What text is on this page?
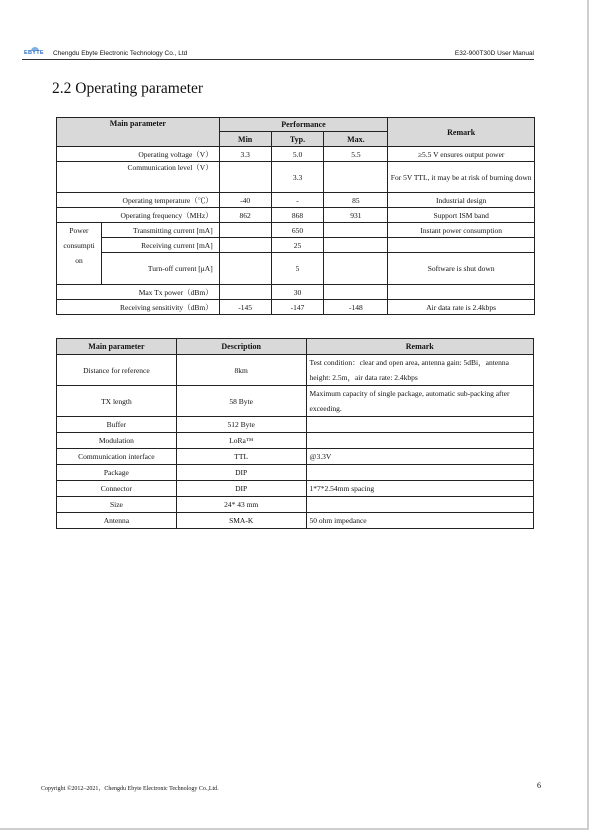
EBYTE Chengdu Ebyte Electronic Technology Co., Ltd	E32-900T30D User Manual
2.2 Operating parameter
Main parameter		Performance			Remark
		Min	Typ.	Max.	
Operating voltage（V）		3.3	5.0	5.5	≥5.5 V ensures output power
Communication level（V）			3.3		For 5V TTL, it may be at risk of burning down
Operating temperature（℃）		-40	-	85	Industrial design
Operating frequency（MHz）		862	868	931	Support ISM band
Power consumpti on	Transmitting current [mA]		650		Instant power consumption
	Receiving current [mA]		25		
	Turn-off current [μA]		5		Software is shut down
Max Tx power（dBm）			30		
Receiving sensitivity（dBm）		-145	-147	-148	Air data rate is 2.4kbps
Main parameter	Description	Remark
Distance for reference	8km	Test condition：clear and open area, antenna gain: 5dBi，antenna height: 2.5m，air data rate: 2.4kbps
TX length	58 Byte	Maximum capacity of single package, automatic sub-packing after exceeding.
Buffer	512 Byte	
Modulation	LoRa™	
Communication interface	TTL	@3.3V
Package	DIP	
Connector	DIP	1*7*2.54mm spacing
Size	24* 43 mm	
Antenna	SMA-K	50 ohm impedance
Copyright ©2012–2021，Chengdu Ebyte Electronic Technology Co.,Ltd.	6
